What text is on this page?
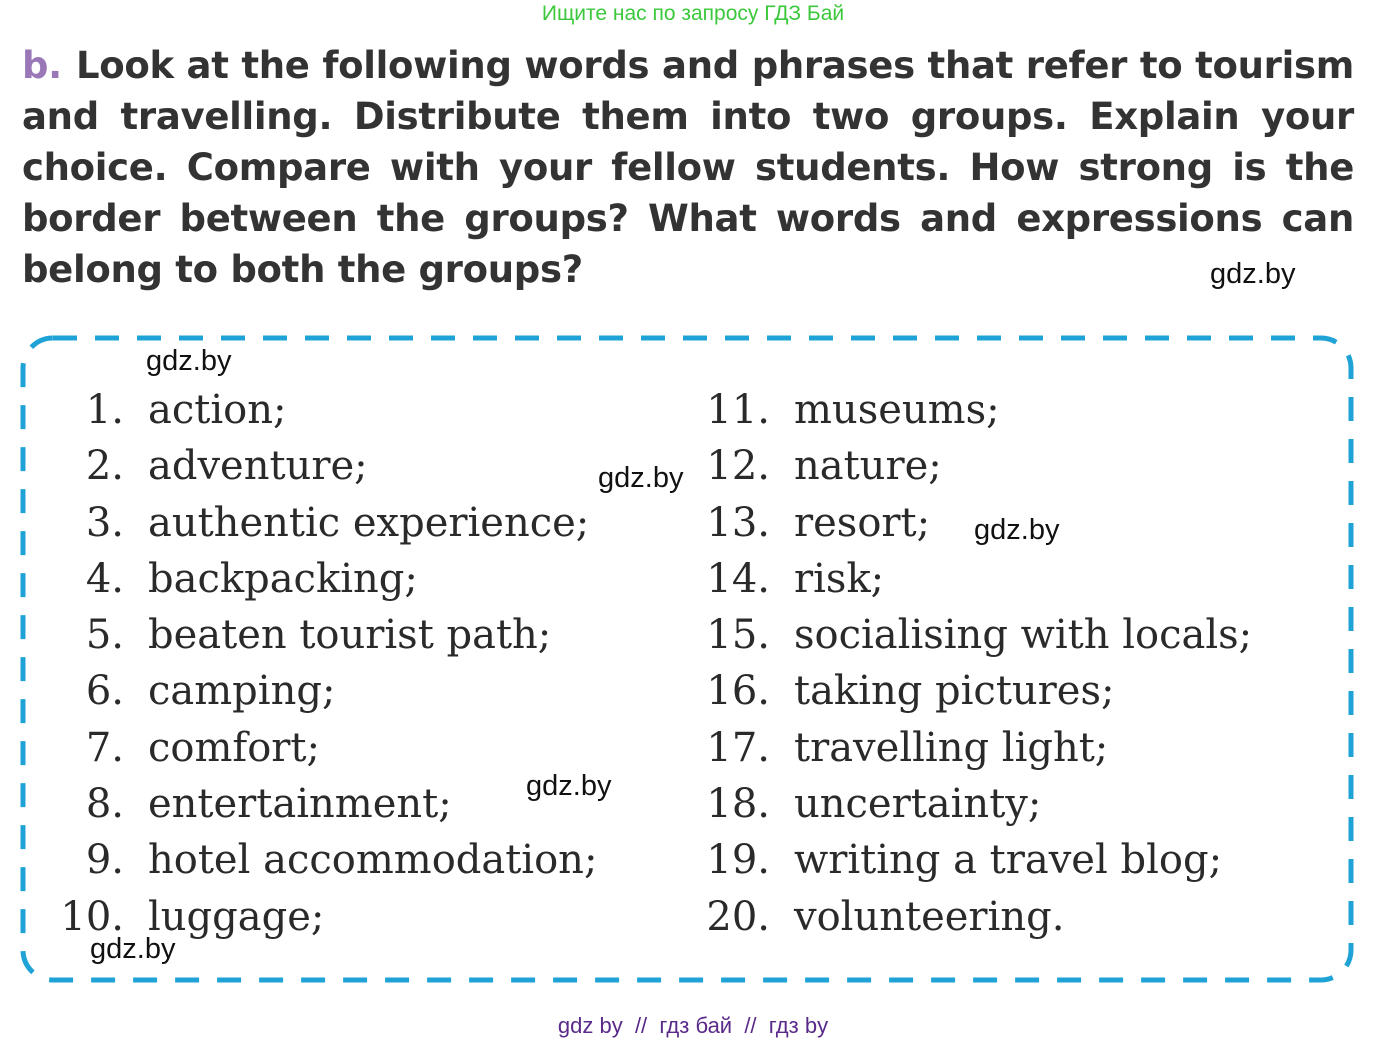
Ищите нас по запросу ГДЗ Бай
b. Look at the following words and phrases that refer to tourism and travelling. Distribute them into two groups. Explain your choice. Compare with your fellow students. How strong is the border between the groups? What words and expressions can belong to both the groups?	gdz.by
gdz.by
gdz.by
gdz.by
gdz.by
gdz.by
1. action;
2. adventure;
3. authentic experience;
4. backpacking;
5. beaten tourist path;
6. camping;
7. comfort;
8. entertainment;
9. hotel accommodation;
10. luggage;
11. museums;
12. nature;
13. resort;
14. risk;
15. socialising with locals;
16. taking pictures;
17. travelling light;
18. uncertainty;
19. writing a travel blog;
20. volunteering.
gdz by  //  гдз бай  //  гдз by
